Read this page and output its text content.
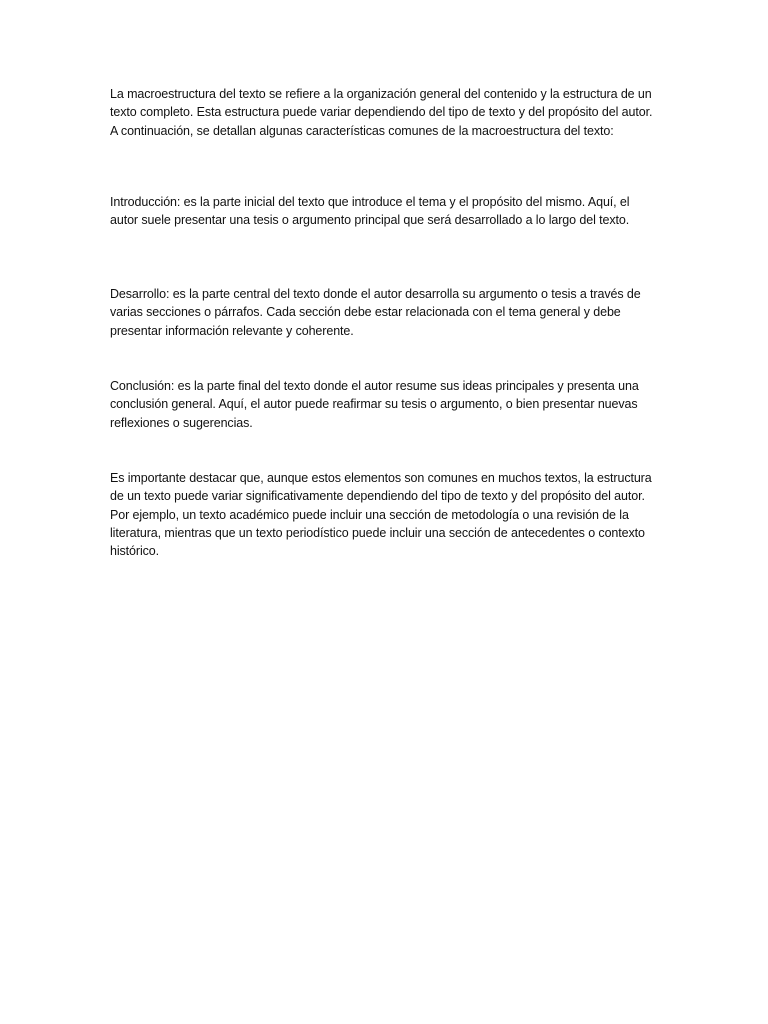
La macroestructura del texto se refiere a la organización general del contenido y la estructura de un texto completo. Esta estructura puede variar dependiendo del tipo de texto y del propósito del autor. A continuación, se detallan algunas características comunes de la macroestructura del texto:

Introducción: es la parte inicial del texto que introduce el tema y el propósito del mismo. Aquí, el autor suele presentar una tesis o argumento principal que será desarrollado a lo largo del texto.

Desarrollo: es la parte central del texto donde el autor desarrolla su argumento o tesis a través de varias secciones o párrafos. Cada sección debe estar relacionada con el tema general y debe presentar información relevante y coherente.

Conclusión: es la parte final del texto donde el autor resume sus ideas principales y presenta una conclusión general. Aquí, el autor puede reafirmar su tesis o argumento, o bien presentar nuevas reflexiones o sugerencias.

Es importante destacar que, aunque estos elementos son comunes en muchos textos, la estructura de un texto puede variar significativamente dependiendo del tipo de texto y del propósito del autor. Por ejemplo, un texto académico puede incluir una sección de metodología o una revisión de la literatura, mientras que un texto periodístico puede incluir una sección de antecedentes o contexto histórico.
